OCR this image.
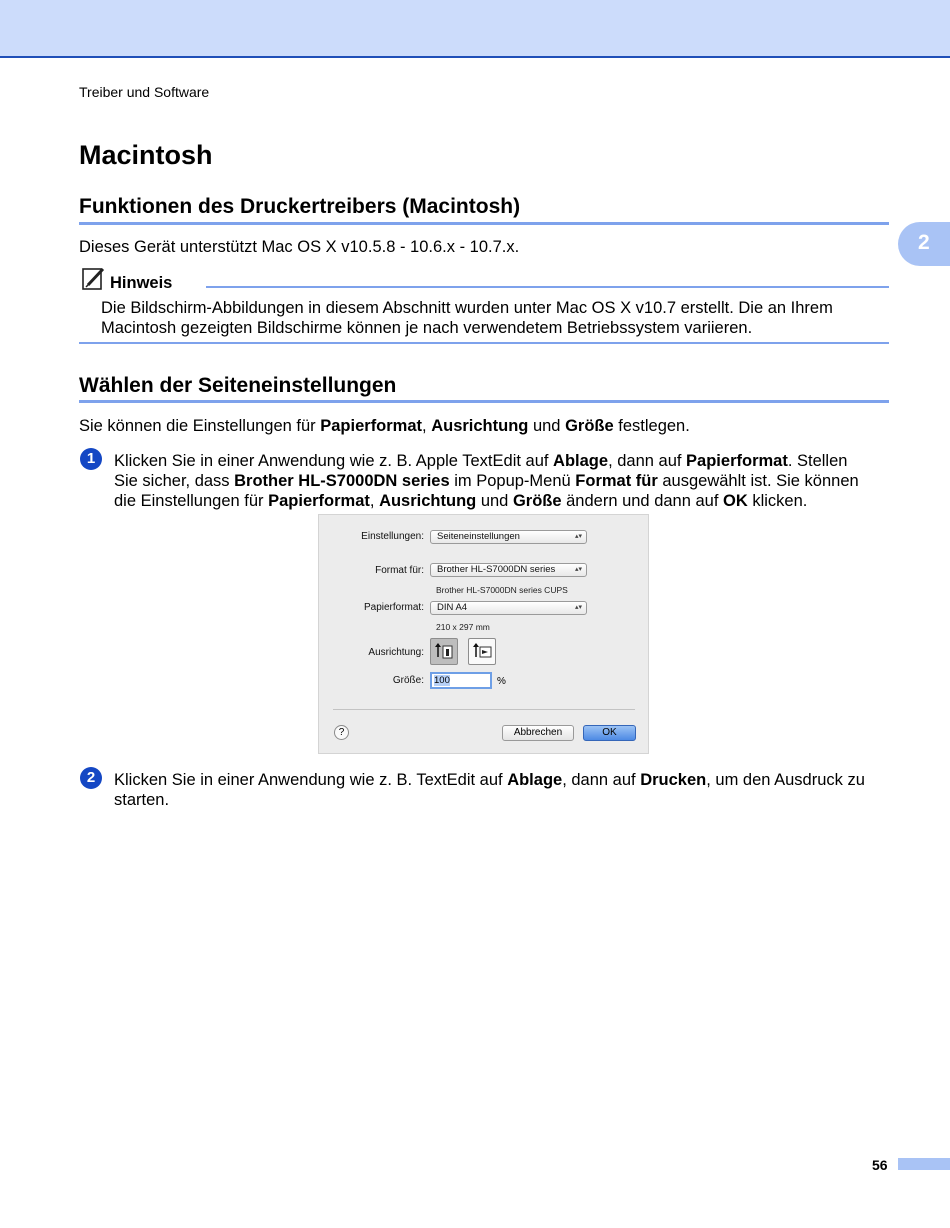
Treiber und Software
2
Macintosh
Funktionen des Druckertreibers (Macintosh)
Dieses Gerät unterstützt Mac OS X v10.5.8 - 10.6.x - 10.7.x.
Hinweis
Die Bildschirm-Abbildungen in diesem Abschnitt wurden unter Mac OS X v10.7 erstellt. Die an Ihrem
Macintosh gezeigten Bildschirme können je nach verwendetem Betriebssystem variieren.
Wählen der Seiteneinstellungen
Sie können die Einstellungen für Papierformat, Ausrichtung und Größe festlegen.
1	Klicken Sie in einer Anwendung wie z. B. Apple TextEdit auf Ablage, dann auf Papierformat. Stellen
Sie sicher, dass Brother HL-S7000DN series im Popup-Menü Format für ausgewählt ist. Sie können
die Einstellungen für Papierformat, Ausrichtung und Größe ändern und dann auf OK klicken.
Einstellungen:	Seiteneinstellungen	▴▾
Format für:	Brother HL-S7000DN series	▴▾
Brother HL-S7000DN series CUPS
Papierformat:	DIN A4	▴▾
210 x 297 mm
Ausrichtung:
Größe:	100	%
?	Abbrechen	OK
2	Klicken Sie in einer Anwendung wie z. B. TextEdit auf Ablage, dann auf Drucken, um den Ausdruck zu
starten.
56
